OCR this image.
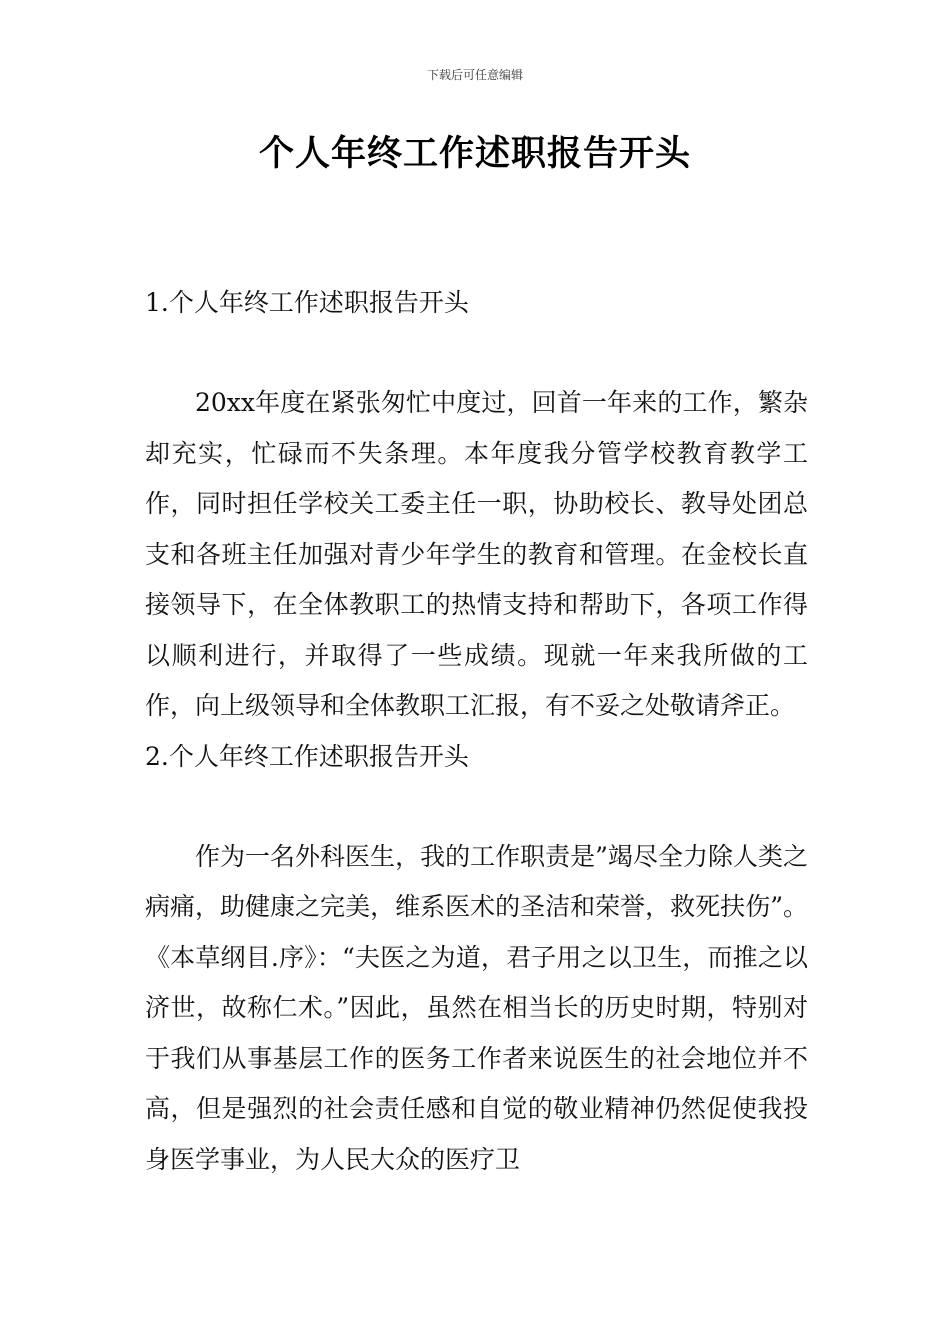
下载后可任意编辑
个人年终工作述职报告开头
1.个人年终工作述职报告开头

20xx年度在紧张匆忙中度过，回首一年来的工作，繁杂却充实，忙碌而不失条理。本年度我分管学校教育教学工作，同时担任学校关工委主任一职，协助校长、教导处团总支和各班主任加强对青少年学生的教育和管理。在金校长直接领导下，在全体教职工的热情支持和帮助下，各项工作得以顺利进行，并取得了一些成绩。现就一年来我所做的工作，向上级领导和全体教职工汇报，有不妥之处敬请斧正。

2.个人年终工作述职报告开头

作为一名外科医生，我的工作职责是”竭尽全力除人类之病痛，助健康之完美，维系医术的圣洁和荣誉，救死扶伤”。《本草纲目.序》：“夫医之为道，君子用之以卫生，而推之以济世，故称仁术。”因此，虽然在相当长的历史时期，特别对于我们从事基层工作的医务工作者来说医生的社会地位并不高，但是强烈的社会责任感和自觉的敬业精神仍然促使我投身医学事业，为人民大众的医疗卫
